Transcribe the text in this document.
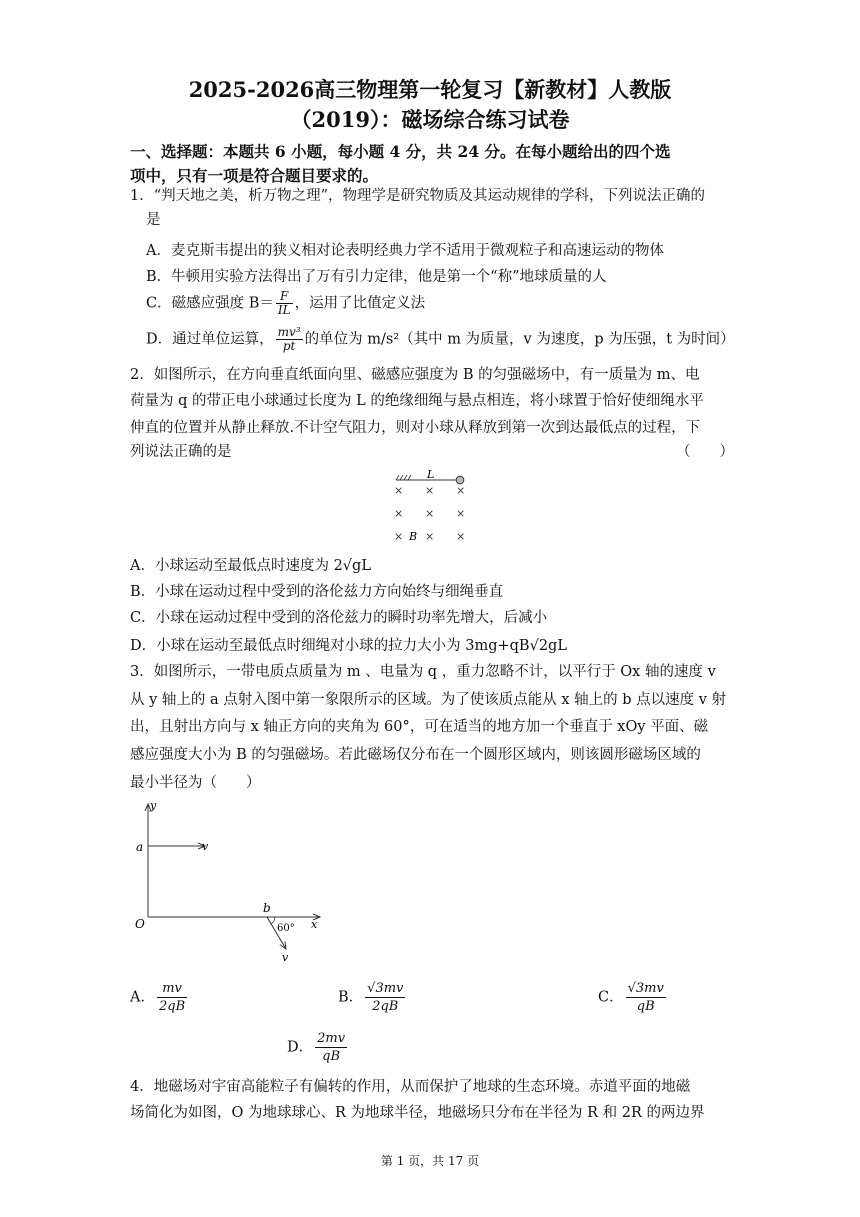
2025-2026高三物理第一轮复习【新教材】人教版
（2019）：磁场综合练习试卷
一、选择题：本题共 6 小题，每小题 4 分，共 24 分。在每小题给出的四个选
项中，只有一项是符合题目要求的。
1．“判天地之美，析万物之理”，物理学是研究物质及其运动规律的学科，下列说法正确的
是
A．麦克斯韦提出的狭义相对论表明经典力学不适用于微观粒子和高速运动的物体
B．牛顿用实验方法得出了万有引力定律，他是第一个“称”地球质量的人
C．磁感应强度 $B= \frac{F}{IL}$ ，运用了比值定义法
D．通过单位运算， $\frac{\text{mv³}}{pt}$ 的单位为 m/s²（其中 m 为质量，v 为速度，p 为压强，t 为时间）
2．如图所示，在方向垂直纸面向里、磁感应强度为 B 的匀强磁场中，有一质量为 m、电
荷量为 q 的带正电小球通过长度为 L 的绝缘细绳与悬点相连，将小球置于恰好使细绳水平
伸直的位置并从静止释放.不计空气阻力，则对小球从释放到第一次到达最低点的过程，下
列说法正确的是	（　　）
L
× × ×
× × ×
× × ×
B
A．小球运动至最低点时速度为 2√gL
B．小球在运动过程中受到的洛伦兹力方向始终与细绳垂直
C．小球在运动过程中受到的洛伦兹力的瞬时功率先增大，后减小
D．小球在运动至最低点时细绳对小球的拉力大小为 3mg+qB√2gL
3．如图所示，一带电质点质量为 m 、电量为 q ，重力忽略不计，以平行于 Ox 轴的速度 v
从 y 轴上的 a 点射入图中第一象限所示的区域。为了使该质点能从 x 轴上的 b 点以速度 v 射
出，且射出方向与 x 轴正方向的夹角为 60°，可在适当的地方加一个垂直于 xOy 平面、磁
感应强度大小为 B 的匀强磁场。若此磁场仅分布在一个圆形区域内，则该圆形磁场区域的
最小半径为（　　）
y
a	v
O
b
x
60°
v
A． $\frac{mv}{2qB}$	B． $\frac{√3mv}{2qB}$	C． $\frac{√3mv}{qB}$
D． $\frac{2mv}{qB}$
4．地磁场对宇宙高能粒子有偏转的作用，从而保护了地球的生态环境。赤道平面的地磁
场简化为如图，O 为地球球心、R 为地球半径，地磁场只分布在半径为 R 和 2R 的两边界
第 1 页，共 17 页
